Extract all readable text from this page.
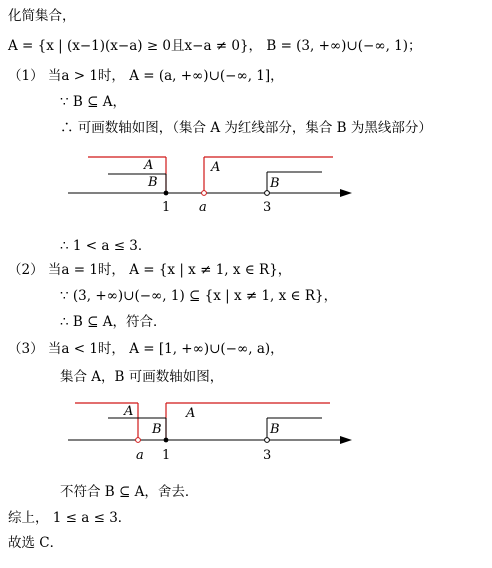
化简集合，
A = {x | (x−1)(x−a) ≥ 0且x−a ≠ 0}， B = (3, +∞)∪(−∞, 1)；
（1） 当a > 1时， A = (a, +∞)∪(−∞, 1]，
∵ B ⊆ A，
∴ 可画数轴如图，（集合 A 为红线部分，集合 B 为黑线部分）
∴ 1 < a ≤ 3．
（2） 当a = 1时， A = {x | x ≠ 1, x ∈ R}，
∵ (3, +∞)∪(−∞, 1) ⊆ {x | x ≠ 1, x ∈ R}，
∴ B ⊆ A，符合．
（3） 当a < 1时， A = [1, +∞)∪(−∞, a)，
集合 A，B 可画数轴如图，
不符合 B ⊆ A，舍去．
综上， 1 ≤ a ≤ 3．
故选 C．
A
B
A
B
1 a	3
A
B
A
B
a 1	3
